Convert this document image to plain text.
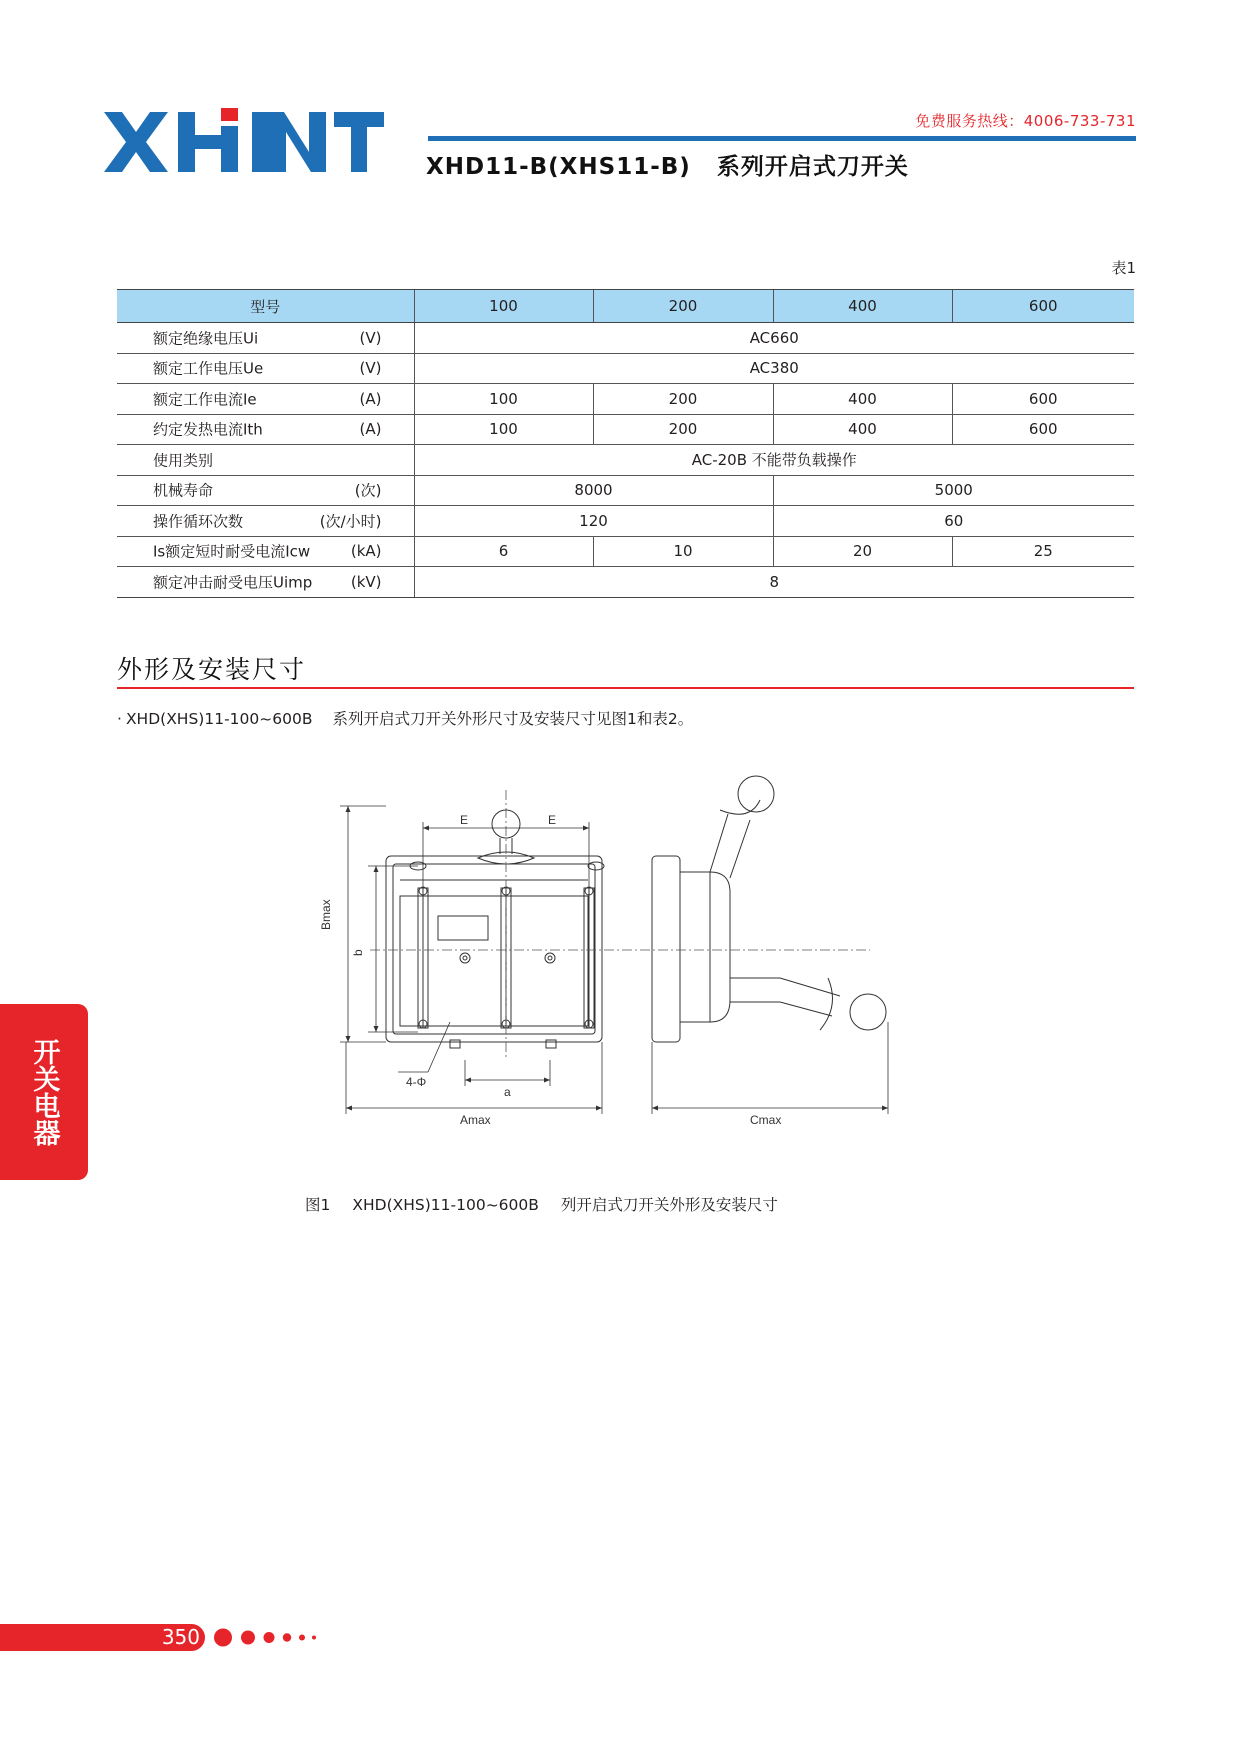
免费服务热线：4006-733-731
XHD11-B(XHS11-B) 系列开启式刀开关
表1
型号	100	200	400	600

额定绝缘电压Ui (V)	AC660			

额定工作电压Ue (V)	AC380			

额定工作电流Ie (A)	100	200	400	600

约定发热电流Ith (A)	100	200	400	600

使用类别	AC-20B 不能带负载操作			

机械寿命 (次)	8000		5000	

操作循环次数 (次/小时)	120		60	

Is额定短时耐受电流Icw (kA)	6	10	20	25

额定冲击耐受电压Uimp (kV)	8			
外形及安装尺寸
· XHD(XHS)11-100~600B 系列开启式刀开关外形尺寸及安装尺寸见图1和表2。
E	E
Bmax
b
4-Φ
a
Amax	Cmax
图1 XHD(XHS)11-100~600B 列开启式刀开关外形及安装尺寸
开关电器
350
